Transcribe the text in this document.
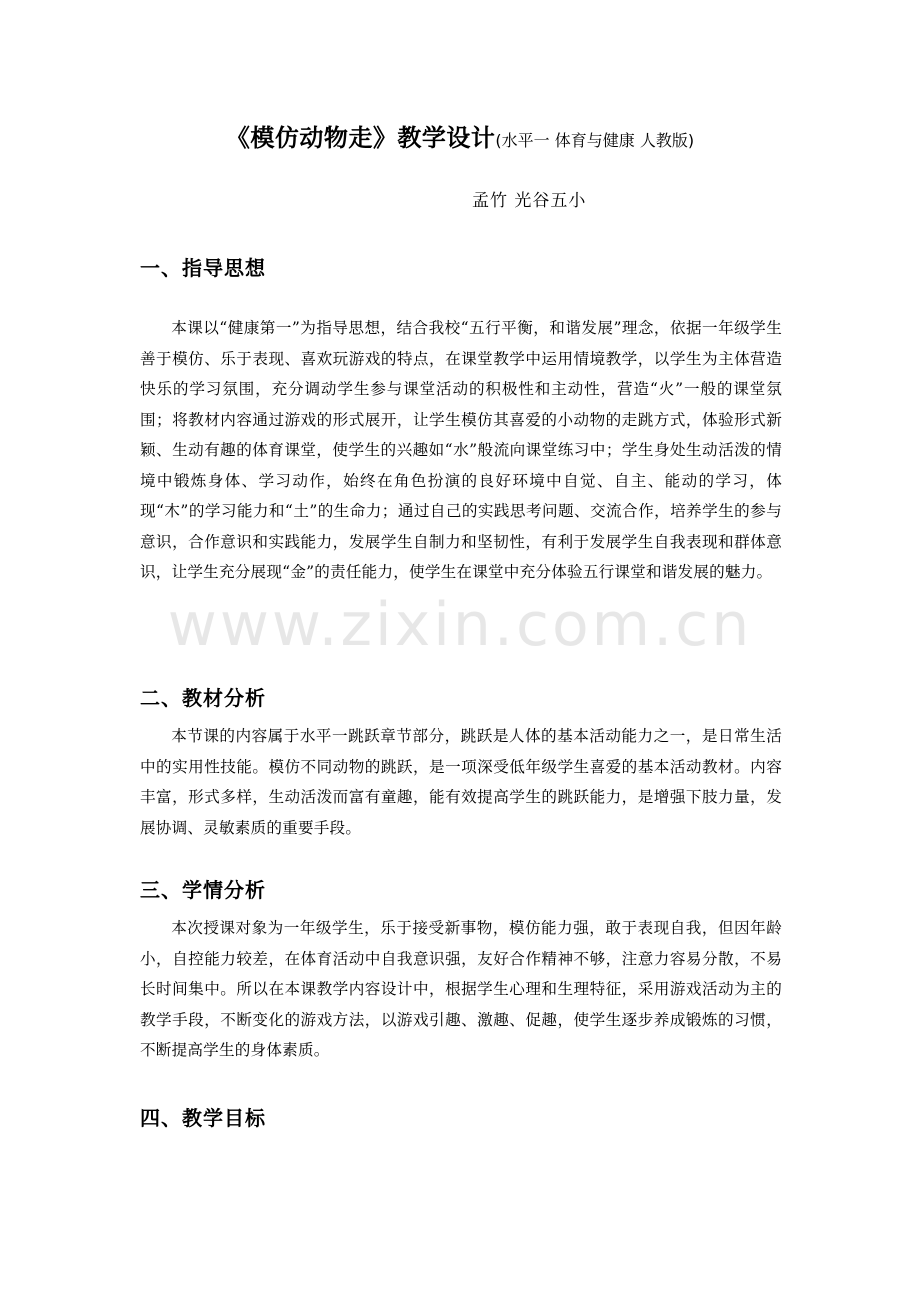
www.zixin.com.cn
《模仿动物走》教学设计(水平一 体育与健康 人教版)
孟竹 光谷五小
一、指导思想
本课以“健康第一”为指导思想，结合我校“五行平衡，和谐发展”理念，依据一年级学生善于模仿、乐于表现、喜欢玩游戏的特点，在课堂教学中运用情境教学，以学生为主体营造快乐的学习氛围，充分调动学生参与课堂活动的积极性和主动性，营造“火”一般的课堂氛围；将教材内容通过游戏的形式展开，让学生模仿其喜爱的小动物的走跳方式，体验形式新颖、生动有趣的体育课堂，使学生的兴趣如“水”般流向课堂练习中；学生身处生动活泼的情境中锻炼身体、学习动作，始终在角色扮演的良好环境中自觉、自主、能动的学习，体现“木”的学习能力和“土”的生命力；通过自己的实践思考问题、交流合作，培养学生的参与意识，合作意识和实践能力，发展学生自制力和坚韧性，有利于发展学生自我表现和群体意识，让学生充分展现“金”的责任能力，使学生在课堂中充分体验五行课堂和谐发展的魅力。
二、教材分析
本节课的内容属于水平一跳跃章节部分，跳跃是人体的基本活动能力之一，是日常生活中的实用性技能。模仿不同动物的跳跃，是一项深受低年级学生喜爱的基本活动教材。内容丰富，形式多样，生动活泼而富有童趣，能有效提高学生的跳跃能力，是增强下肢力量，发展协调、灵敏素质的重要手段。
三、学情分析
本次授课对象为一年级学生，乐于接受新事物，模仿能力强，敢于表现自我，但因年龄小，自控能力较差，在体育活动中自我意识强，友好合作精神不够，注意力容易分散，不易长时间集中。所以在本课教学内容设计中，根据学生心理和生理特征，采用游戏活动为主的教学手段，不断变化的游戏方法，以游戏引趣、激趣、促趣，使学生逐步养成锻炼的习惯，不断提高学生的身体素质。
四、教学目标
